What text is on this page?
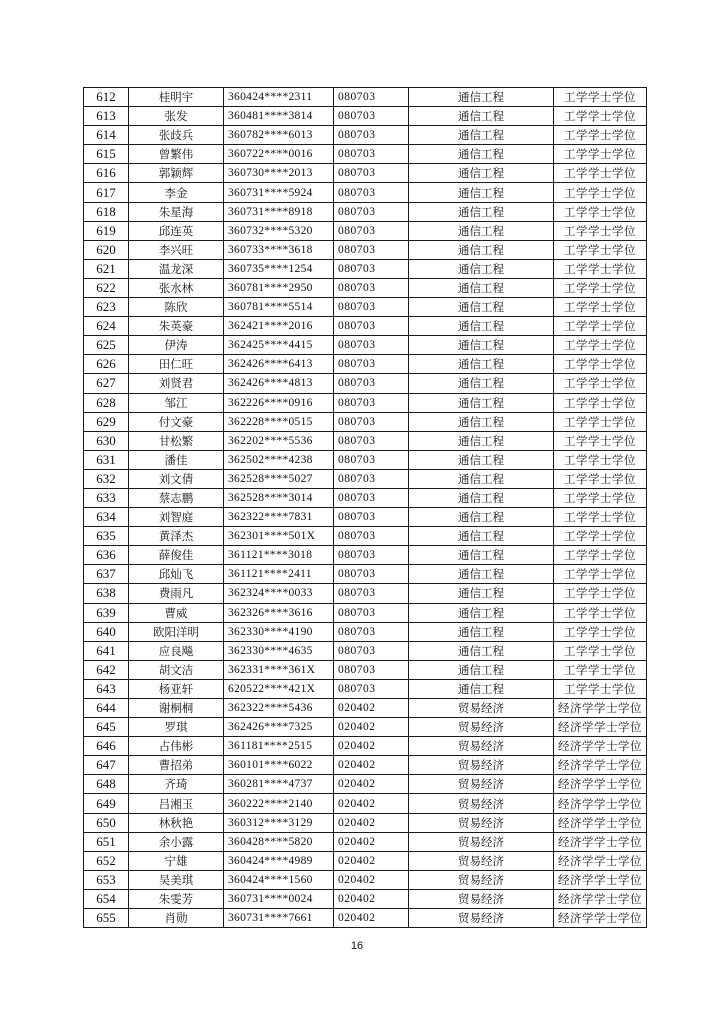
612	桂明宇	360424****2311	080703	通信工程	工学学士学位
613	张发	360481****3814	080703	通信工程	工学学士学位
614	张歧兵	360782****6013	080703	通信工程	工学学士学位
615	曾繁伟	360722****0016	080703	通信工程	工学学士学位
616	郭颖辉	360730****2013	080703	通信工程	工学学士学位
617	李金	360731****5924	080703	通信工程	工学学士学位
618	朱星海	360731****8918	080703	通信工程	工学学士学位
619	邱连英	360732****5320	080703	通信工程	工学学士学位
620	李兴旺	360733****3618	080703	通信工程	工学学士学位
621	温龙深	360735****1254	080703	通信工程	工学学士学位
622	张水林	360781****2950	080703	通信工程	工学学士学位
623	陈欣	360781****5514	080703	通信工程	工学学士学位
624	朱英豪	362421****2016	080703	通信工程	工学学士学位
625	伊涛	362425****4415	080703	通信工程	工学学士学位
626	田仁旺	362426****6413	080703	通信工程	工学学士学位
627	刘贤君	362426****4813	080703	通信工程	工学学士学位
628	邹江	362226****0916	080703	通信工程	工学学士学位
629	付文豪	362228****0515	080703	通信工程	工学学士学位
630	甘松繁	362202****5536	080703	通信工程	工学学士学位
631	潘佳	362502****4238	080703	通信工程	工学学士学位
632	刘文倩	362528****5027	080703	通信工程	工学学士学位
633	蔡志鹏	362528****3014	080703	通信工程	工学学士学位
634	刘智庭	362322****7831	080703	通信工程	工学学士学位
635	黄泽杰	362301****501X	080703	通信工程	工学学士学位
636	薛俊佳	361121****3018	080703	通信工程	工学学士学位
637	邱灿飞	361121****2411	080703	通信工程	工学学士学位
638	费雨凡	362324****0033	080703	通信工程	工学学士学位
639	曹威	362326****3616	080703	通信工程	工学学士学位
640	欧阳洋明	362330****4190	080703	通信工程	工学学士学位
641	应良飚	362330****4635	080703	通信工程	工学学士学位
642	胡文洁	362331****361X	080703	通信工程	工学学士学位
643	杨亚轩	620522****421X	080703	通信工程	工学学士学位
644	谢桐桐	362322****5436	020402	贸易经济	经济学学士学位
645	罗琪	362426****7325	020402	贸易经济	经济学学士学位
646	占伟彬	361181****2515	020402	贸易经济	经济学学士学位
647	曹招弟	360101****6022	020402	贸易经济	经济学学士学位
648	齐琦	360281****4737	020402	贸易经济	经济学学士学位
649	吕湘玉	360222****2140	020402	贸易经济	经济学学士学位
650	林秋艳	360312****3129	020402	贸易经济	经济学学士学位
651	余小露	360428****5820	020402	贸易经济	经济学学士学位
652	宁雄	360424****4989	020402	贸易经济	经济学学士学位
653	吴美琪	360424****1560	020402	贸易经济	经济学学士学位
654	朱雯芳	360731****0024	020402	贸易经济	经济学学士学位
655	肖勋	360731****7661	020402	贸易经济	经济学学士学位
16
